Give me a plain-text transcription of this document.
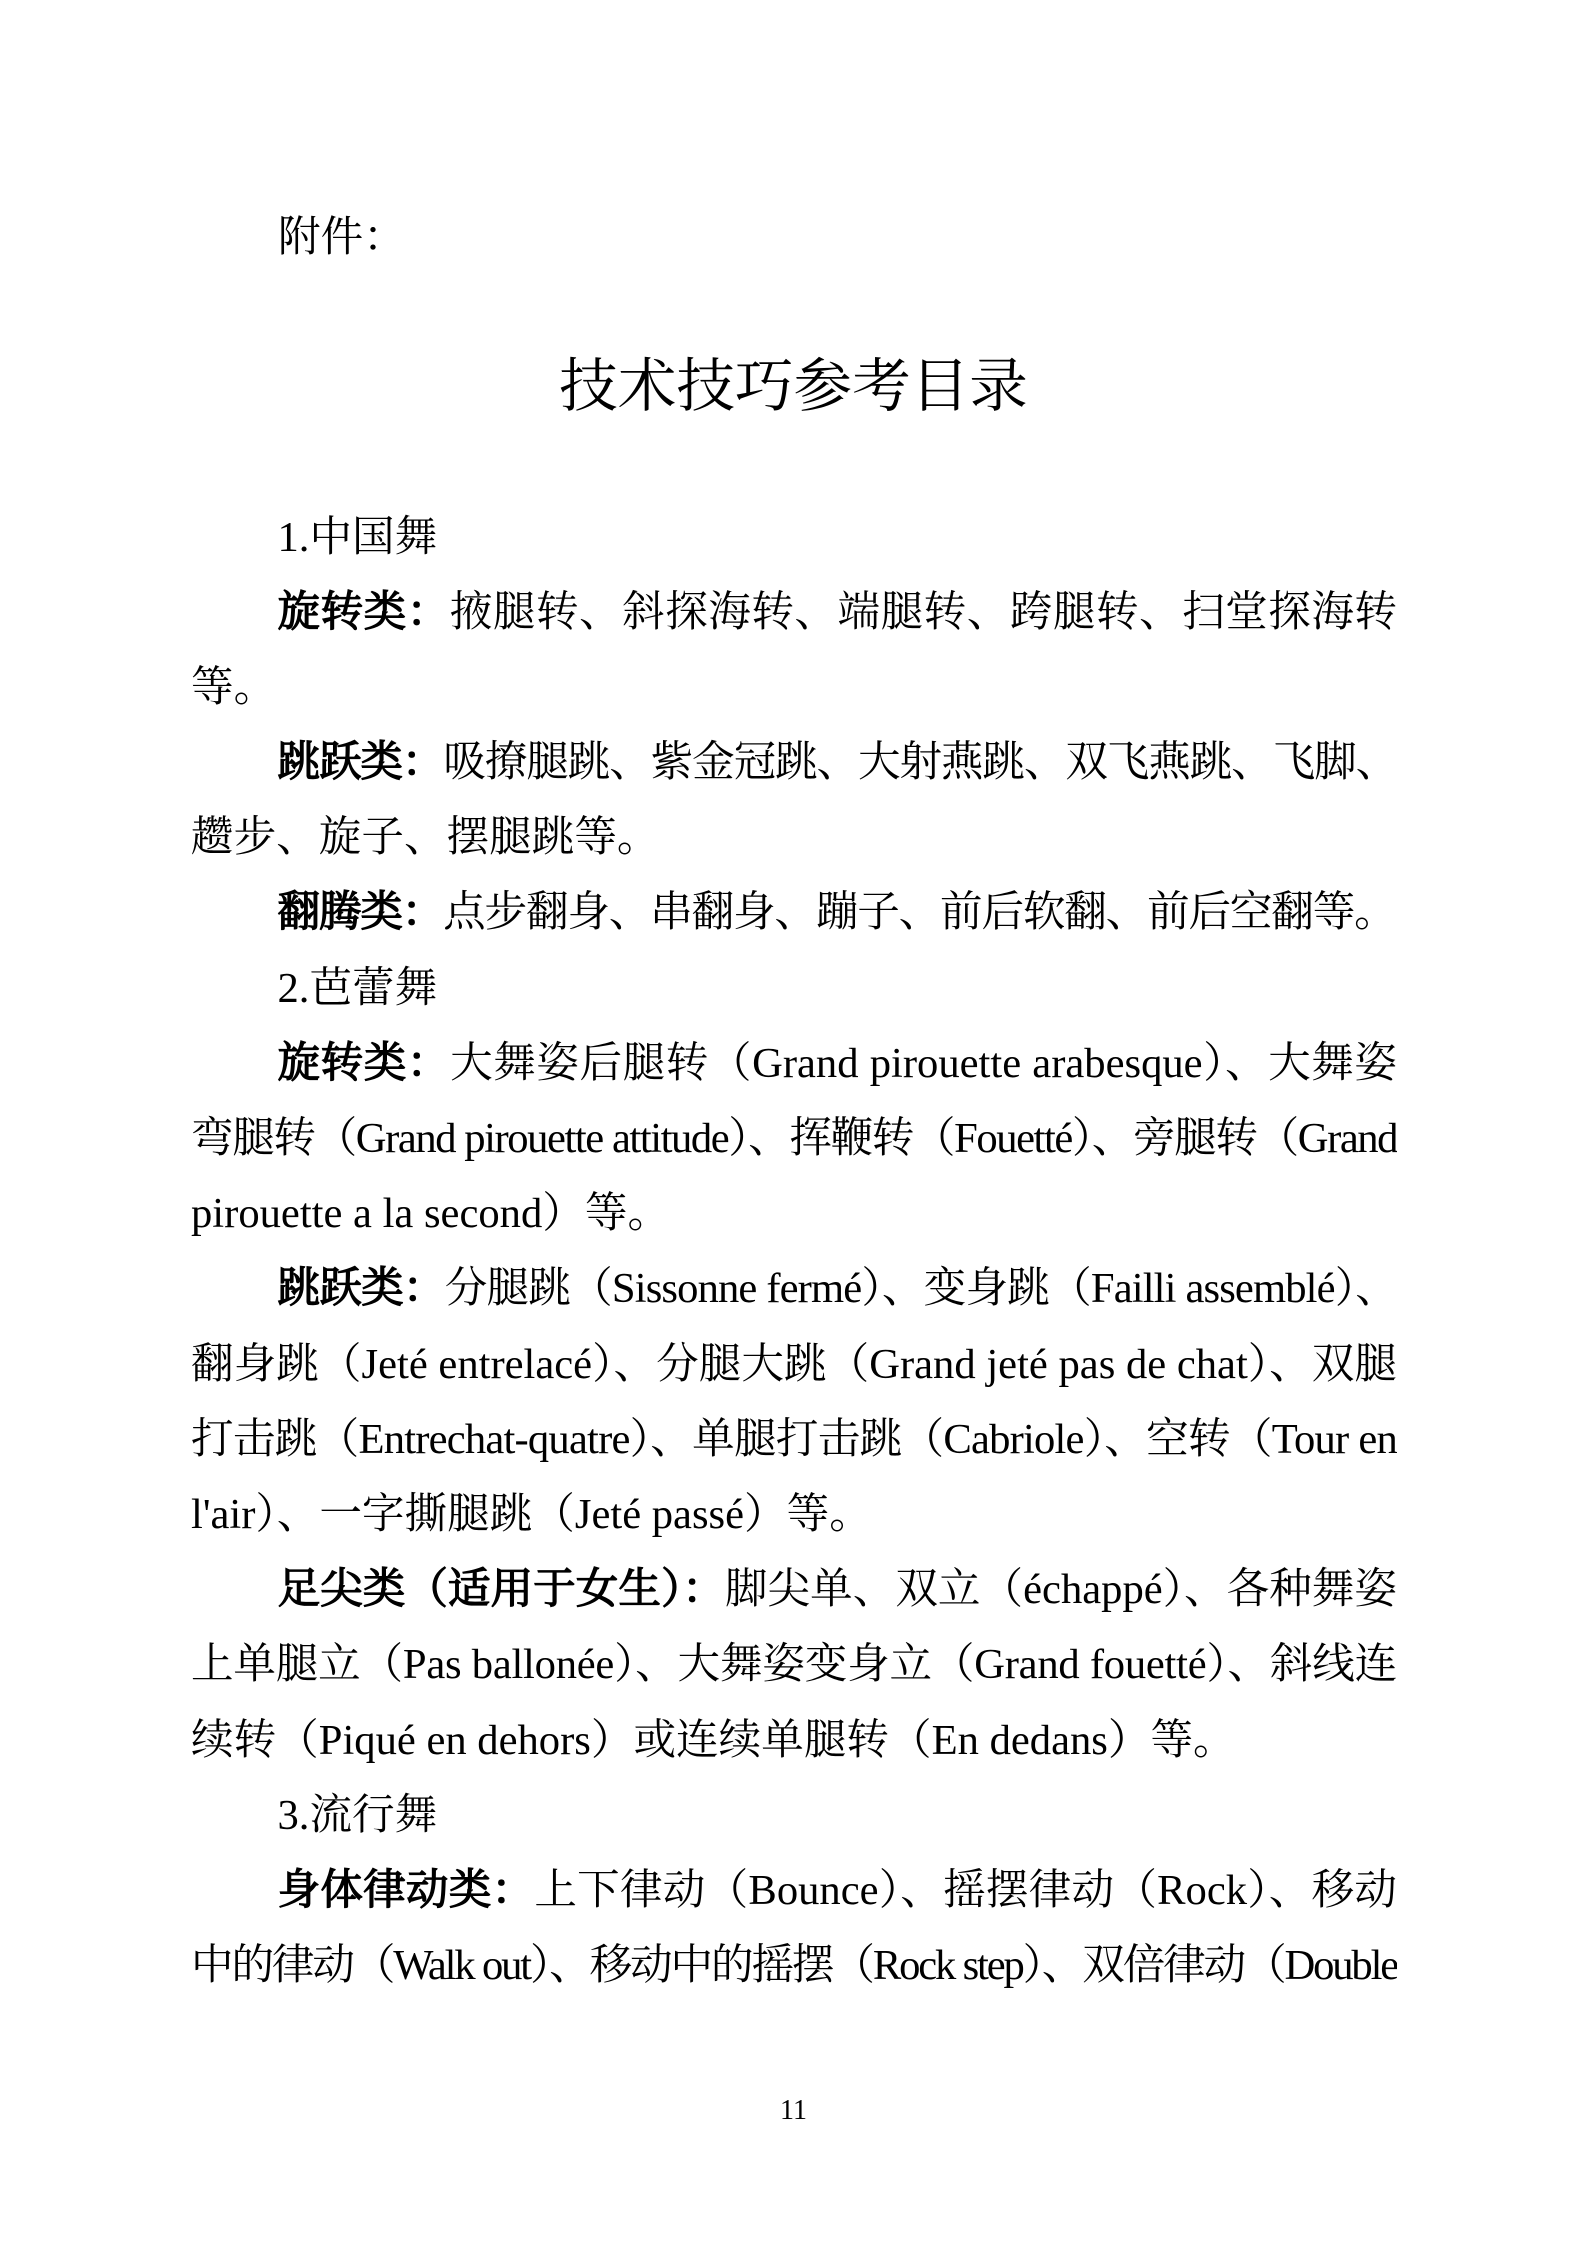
附件：
技术技巧参考目录
1.中国舞
旋转类：掖腿转、斜探海转、端腿转、跨腿转、扫堂探海转
等。
跳跃类：吸撩腿跳、紫金冠跳、大射燕跳、双飞燕跳、飞脚、
趱步、旋子、摆腿跳等。
翻腾类：点步翻身、串翻身、蹦子、前后软翻、前后空翻等。
2.芭蕾舞
旋转类：大舞姿后腿转（Grand pirouette arabesque）、大舞姿
弯腿转（Grand pirouette attitude）、挥鞭转（Fouetté）、旁腿转（Grand
pirouette a la second）等。
跳跃类：分腿跳（Sissonne fermé）、变身跳（Failli assemblé）、
翻身跳（Jeté entrelacé）、分腿大跳（Grand jeté pas de chat）、双腿
打击跳（Entrechat-quatre）、单腿打击跳（Cabriole）、空转（Tour en
l'air）、一字撕腿跳（Jeté passé）等。
足尖类（适用于女生）：脚尖单、双立（échappé）、各种舞姿
上单腿立（Pas ballonée）、大舞姿变身立（Grand fouetté）、斜线连
续转（Piqué en dehors）或连续单腿转（En dedans）等。
3.流行舞
身体律动类：上下律动（Bounce）、摇摆律动（Rock）、移动
中的律动（Walk out）、移动中的摇摆（Rock step）、双倍律动（Double
11
